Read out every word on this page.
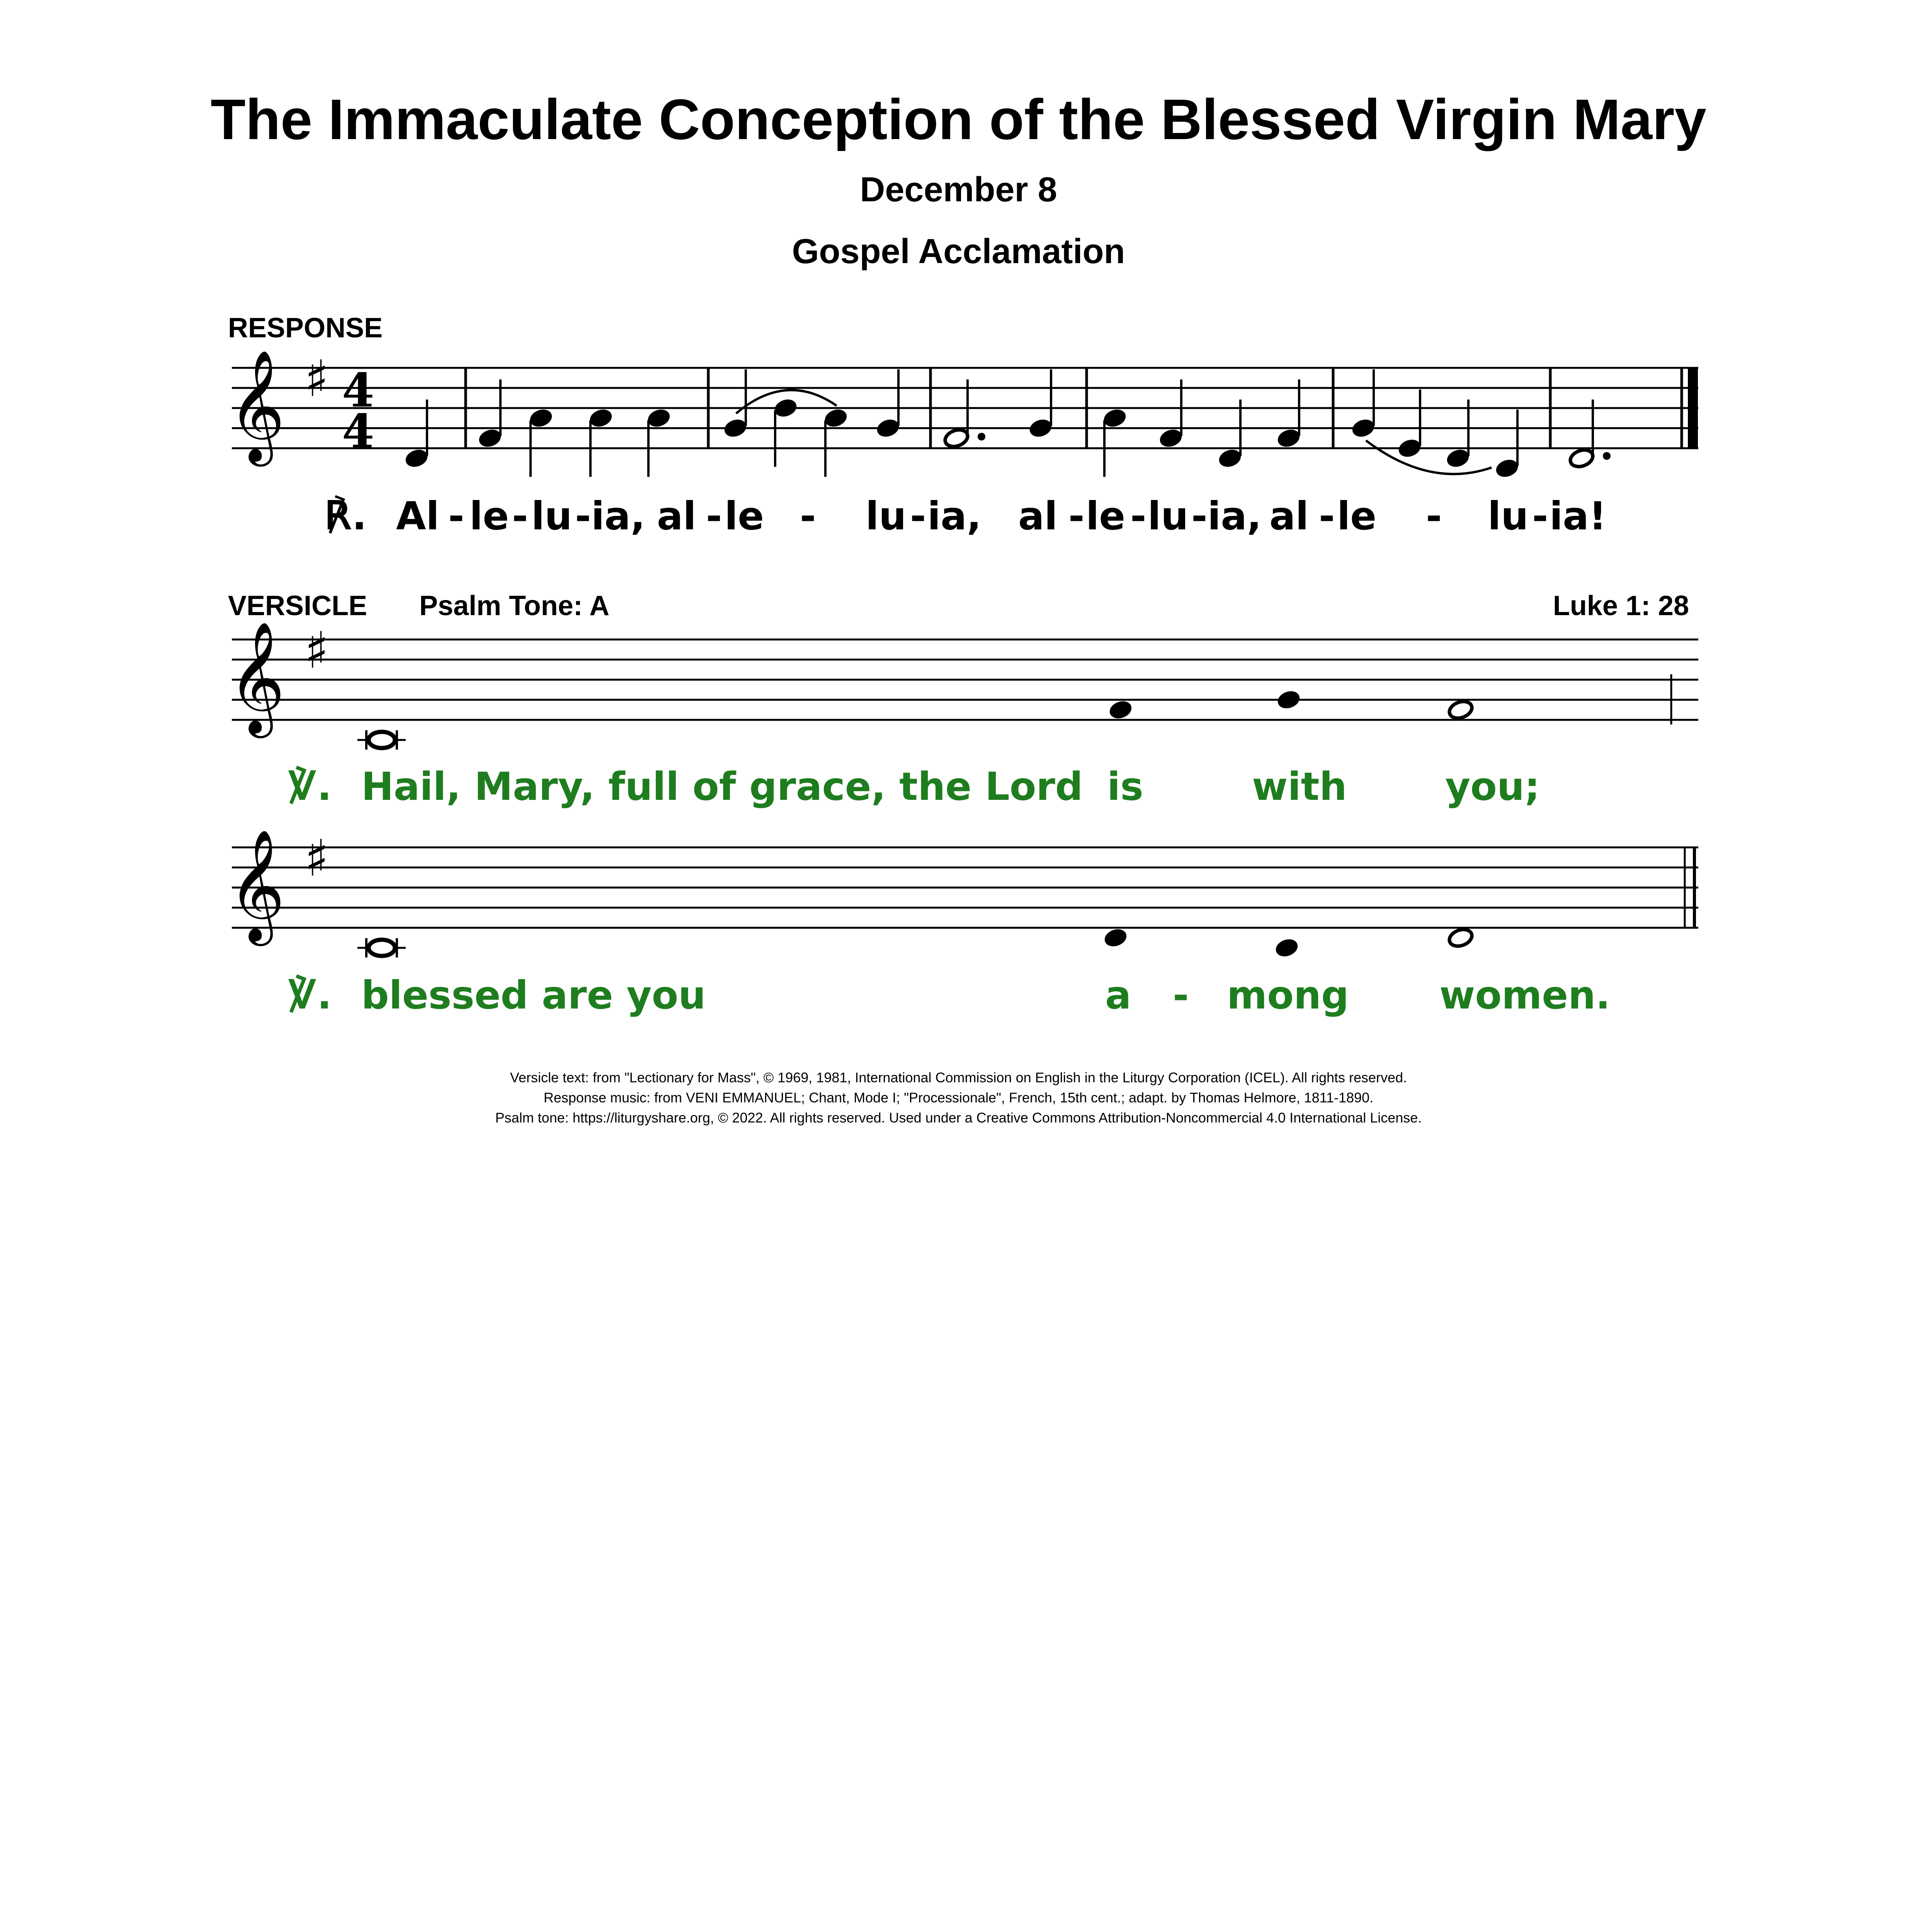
The Immaculate Conception of the Blessed Virgin Mary
December 8
Gospel Acclamation
RESPONSE
VERSICLE Psalm Tone: A	Luke 1: 28
𝄞 ♯ 4
4
℟. Al - le - lu - ia, al - le - lu - ia, al - le - lu - ia, al - le - lu - ia!
𝄞 ♯
℣. Hail, Mary, full of grace, the Lord is	with	you;
𝄞 ♯
℣. blessed are you	a - mong women.
Versicle text: from "Lectionary for Mass", © 1969, 1981, International Commission on English in the Liturgy Corporation (ICEL). All rights reserved.
Response music: from VENI EMMANUEL; Chant, Mode I; "Processionale", French, 15th cent.; adapt. by Thomas Helmore, 1811-1890.
Psalm tone: https://liturgyshare.org, © 2022. All rights reserved. Used under a Creative Commons Attribution-Noncommercial 4.0 International License.
